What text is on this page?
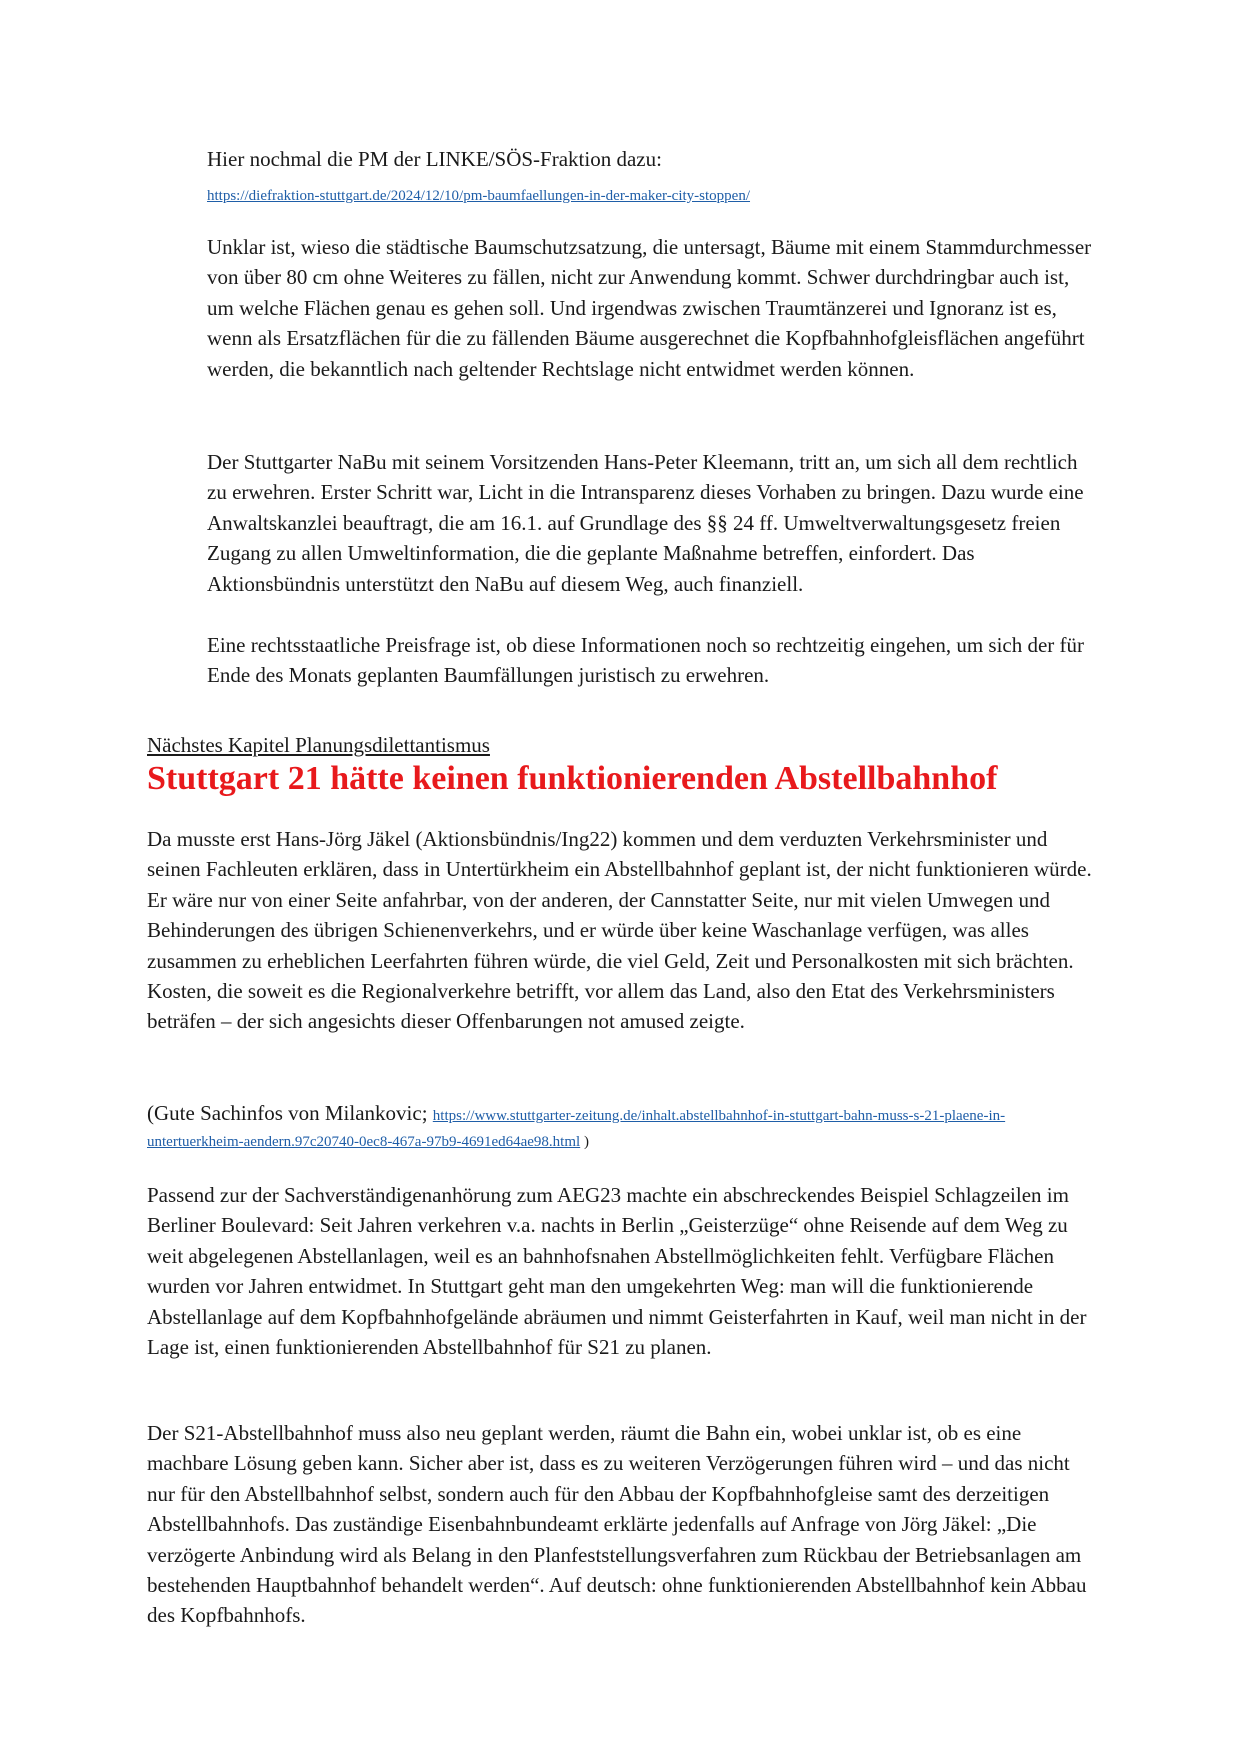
Hier nochmal die PM der LINKE/SÖS-Fraktion dazu:

https://diefraktion-stuttgart.de/2024/12/10/pm-baumfaellungen-in-der-maker-city-stoppen/

Unklar ist, wieso die städtische Baumschutzsatzung, die untersagt, Bäume mit einem Stammdurchmesser von über 80 cm ohne Weiteres zu fällen, nicht zur Anwendung kommt. Schwer durchdringbar auch ist, um welche Flächen genau es gehen soll. Und irgendwas zwischen Traumtänzerei und Ignoranz ist es, wenn als Ersatzflächen für die zu fällenden Bäume ausgerechnet die Kopfbahnhofgleisflächen angeführt werden, die bekanntlich nach geltender Rechtslage nicht entwidmet werden können.

Der Stuttgarter NaBu mit seinem Vorsitzenden Hans-Peter Kleemann, tritt an, um sich all dem rechtlich zu erwehren. Erster Schritt war, Licht in die Intransparenz dieses Vorhaben zu bringen. Dazu wurde eine Anwaltskanzlei beauftragt, die am 16.1. auf Grundlage des §§ 24 ff. Umweltverwaltungsgesetz freien Zugang zu allen Umweltinformation, die die geplante Maßnahme betreffen, einfordert. Das Aktionsbündnis unterstützt den NaBu auf diesem Weg, auch finanziell.

Eine rechtsstaatliche Preisfrage ist, ob diese Informationen noch so rechtzeitig eingehen, um sich der für Ende des Monats geplanten Baumfällungen juristisch zu erwehren.

Nächstes Kapitel Planungsdilettantismus

Stuttgart 21 hätte keinen funktionierenden Abstellbahnhof

Da musste erst Hans-Jörg Jäkel (Aktionsbündnis/Ing22) kommen und dem verduzten Verkehrsminister und seinen Fachleuten erklären, dass in Untertürkheim ein Abstellbahnhof geplant ist, der nicht funktionieren würde. Er wäre nur von einer Seite anfahrbar, von der anderen, der Cannstatter Seite, nur mit vielen Umwegen und Behinderungen des übrigen Schienenverkehrs, und er würde über keine Waschanlage verfügen, was alles zusammen zu erheblichen Leerfahrten führen würde, die viel Geld, Zeit und Personalkosten mit sich brächten. Kosten, die soweit es die Regionalverkehre betrifft, vor allem das Land, also den Etat des Verkehrsministers beträfen – der sich angesichts dieser Offenbarungen not amused zeigte.

(Gute Sachinfos von Milankovic; https://www.stuttgarter-zeitung.de/inhalt.abstellbahnhof-in-stuttgart-bahn-muss-s-21-plaene-in-untertuerkheim-aendern.97c20740-0ec8-467a-97b9-4691ed64ae98.html )

Passend zur der Sachverständigenanhörung zum AEG23 machte ein abschreckendes Beispiel Schlagzeilen im Berliner Boulevard: Seit Jahren verkehren v.a. nachts in Berlin „Geisterzüge“ ohne Reisende auf dem Weg zu weit abgelegenen Abstellanlagen, weil es an bahnhofsnahen Abstellmöglichkeiten fehlt. Verfügbare Flächen wurden vor Jahren entwidmet. In Stuttgart geht man den umgekehrten Weg: man will die funktionierende Abstellanlage auf dem Kopfbahnhofgelände abräumen und nimmt Geisterfahrten in Kauf, weil man nicht in der Lage ist, einen funktionierenden Abstellbahnhof für S21 zu planen.

Der S21-Abstellbahnhof muss also neu geplant werden, räumt die Bahn ein, wobei unklar ist, ob es eine machbare Lösung geben kann. Sicher aber ist, dass es zu weiteren Verzögerungen führen wird – und das nicht nur für den Abstellbahnhof selbst, sondern auch für den Abbau der Kopfbahnhofgleise samt des derzeitigen Abstellbahnhofs. Das zuständige Eisenbahnbundeamt erklärte jedenfalls auf Anfrage von Jörg Jäkel: „Die verzögerte Anbindung wird als Belang in den Planfeststellungsverfahren zum Rückbau der Betriebsanlagen am bestehenden Hauptbahnhof behandelt werden“. Auf deutsch: ohne funktionierenden Abstellbahnhof kein Abbau des Kopfbahnhofs.
